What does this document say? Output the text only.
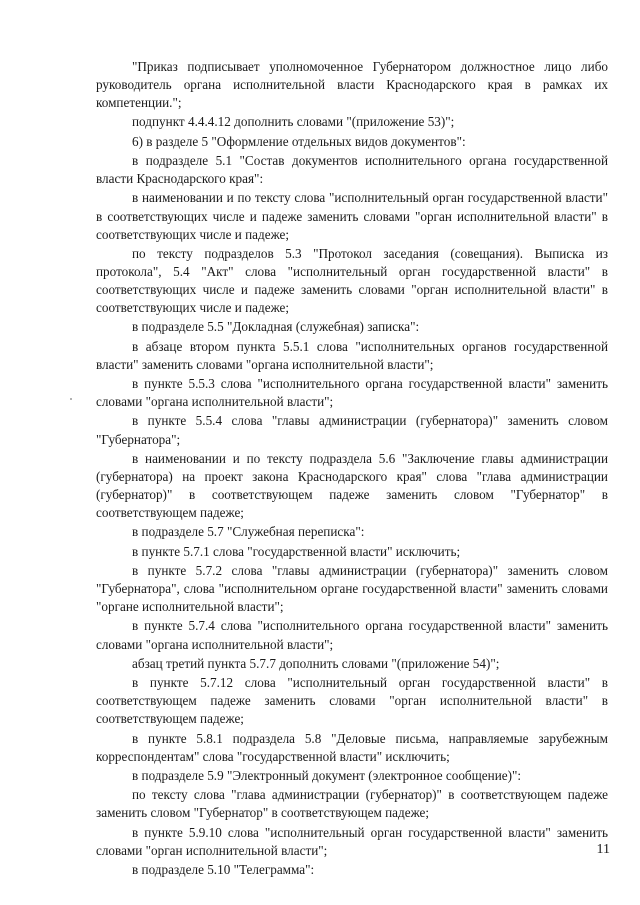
"Приказ подписывает уполномоченное Губернатором должностное лицо либо руководитель органа исполнительной власти Краснодарского края в рамках их компетенции.";

подпункт 4.4.4.12 дополнить словами "(приложение 53)";

6) в разделе 5 "Оформление отдельных видов документов":

в подразделе 5.1 "Состав документов исполнительного органа государственной власти Краснодарского края":

в наименовании и по тексту слова "исполнительный орган государственной власти" в соответствующих числе и падеже заменить словами "орган исполнительной власти" в соответствующих числе и падеже;

по тексту подразделов 5.3 "Протокол заседания (совещания). Выписка из протокола", 5.4 "Акт" слова "исполнительный орган государственной власти" в соответствующих числе и падеже заменить словами "орган исполнительной власти" в соответствующих числе и падеже;

в подразделе 5.5 "Докладная (служебная) записка":

в абзаце втором пункта 5.5.1 слова "исполнительных органов государственной власти" заменить словами "органа исполнительной власти";

в пункте 5.5.3 слова "исполнительного органа государственной власти" заменить словами "органа исполнительной власти";

в пункте 5.5.4 слова "главы администрации (губернатора)" заменить словом "Губернатора";

в наименовании и по тексту подраздела 5.6 "Заключение главы администрации (губернатора) на проект закона Краснодарского края" слова "глава администрации (губернатор)" в соответствующем падеже заменить словом "Губернатор" в соответствующем падеже;

в подразделе 5.7 "Служебная переписка":

в пункте 5.7.1 слова "государственной власти" исключить;

в пункте 5.7.2 слова "главы администрации (губернатора)" заменить словом "Губернатора", слова "исполнительном органе государственной власти" заменить словами "органе исполнительной власти";

в пункте 5.7.4 слова "исполнительного органа государственной власти" заменить словами "органа исполнительной власти";

абзац третий пункта 5.7.7 дополнить словами "(приложение 54)";

в пункте 5.7.12 слова "исполнительный орган государственной власти" в соответствующем падеже заменить словами "орган исполнительной власти" в соответствующем падеже;

в пункте 5.8.1 подраздела 5.8 "Деловые письма, направляемые зарубежным корреспондентам" слова "государственной власти" исключить;

в подразделе 5.9 "Электронный документ (электронное сообщение)":

по тексту слова "глава администрации (губернатор)" в соответствующем падеже заменить словом "Губернатор" в соответствующем падеже;

в пункте 5.9.10 слова "исполнительный орган государственной власти" заменить словами "орган исполнительной власти";

в подразделе 5.10 "Телеграмма":

11
